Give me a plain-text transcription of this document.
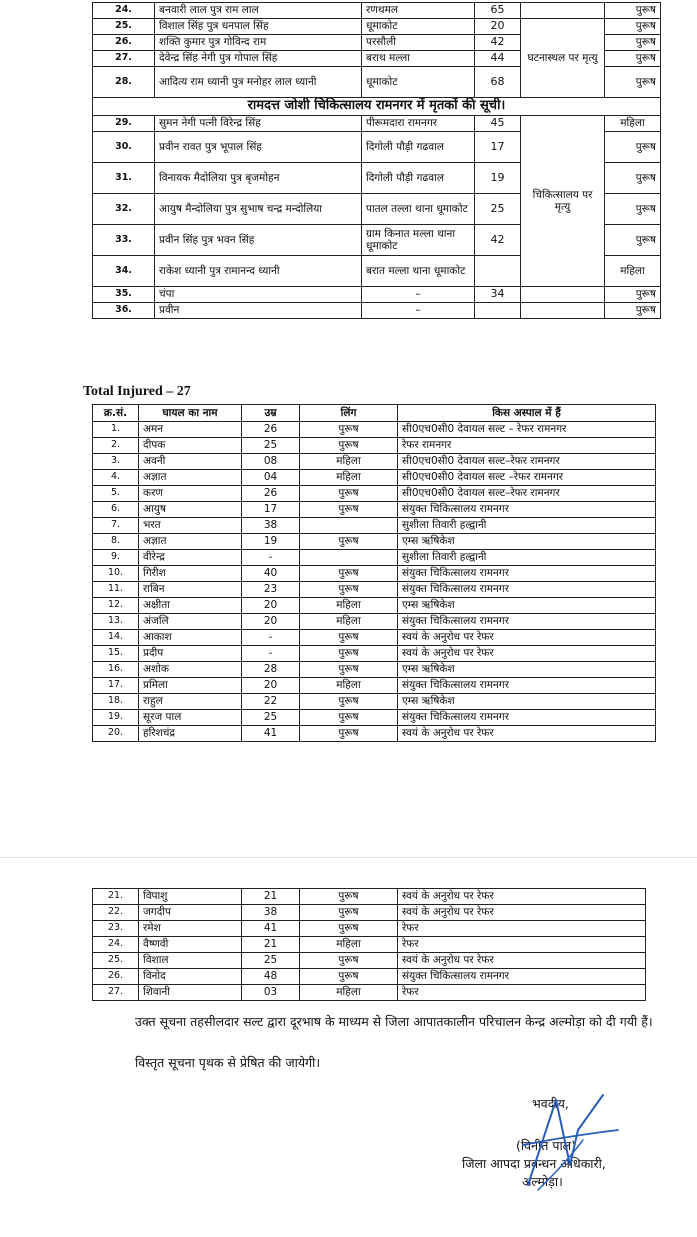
24.	बनवारी लाल पुत्र राम लाल	रणथमल	65		पुरूष
25.	विशाल सिंह पुत्र धनपाल सिंह	धूमाकोट	20	घटनास्थल पर मृत्यु	पुरूष
26.	शक्ति कुमार पुत्र गोविन्द राम	परसौली	42		पुरूष
27.	देवेन्द्र सिंह नेगी पुत्र गोपाल सिंह	बराथ मल्ला	44		पुरूष
28.	आदित्य राम ध्यानी पुत्र मनोहर लाल ध्यानी	धूमाकोट	68		पुरूष
रामदत्त जोशी चिकित्सालय रामनगर में मृतकों की सूची।					
29.	सुमन नेगी पत्नी विरेन्द्र सिंह	पीरूमदारा रामनगर	45	चिकित्सालय पर मृत्यु	महिला
30.	प्रवीन रावत पुत्र भूपाल सिंह	दिगोली पौड़ी गढवाल	17		पुरूष
31.	विनायक मैदोलिया पुत्र बृजमोहन	दिगोली पौड़ी गढवाल	19		पुरूष
32.	आयुष मैन्दोलिया पुत्र सुभाष चन्द्र मन्दोलिया	पातल तल्ला थाना धूमाकोट	25		पुरूष
33.	प्रवीन सिंह पुत्र भवन सिंह	ग्राम किनात मल्ला थाना धूमाकोट	42		पुरूष
34.	राकेश ध्यानी पुत्र रामानन्द ध्यानी	बरात मल्ला थाना धूमाकोट			महिला
35.	चंपा	–	34		पुरूष
36.	प्रवीन	–			पुरूष
Total Injured – 27
क्र.सं.	घायल का नाम	उम्र	लिंग	किस अस्पाल में हैं
1.	अमन	26	पुरूष	सी0एच0सी0 देवायल सल्ट – रेफर रामनगर
2.	दीपक	25	पुरूष	रेफर रामनगर
3.	अवनी	08	महिला	सी0एच0सी0 देवायल सल्ट–रेफर रामनगर
4.	अज्ञात	04	महिला	सी0एच0सी0 देवायल सल्ट –रेफर रामनगर
5.	करण	26	पुरूष	सी0एच0सी0 देवायल सल्ट–रेफर रामनगर
6.	आयुष	17	पुरूष	संयुक्त चिकित्सालय रामनगर
7.	भरत	38		सुशीला तिवारी हल्द्वानी
8.	अज्ञात	19	पुरूष	एम्स ऋषिकेश
9.	वीरेन्द्र	-		सुशीला तिवारी हल्द्वानी
10.	गिरीश	40	पुरूष	संयुक्त चिकित्सालय रामनगर
11.	राबिन	23	पुरूष	संयुक्त चिकित्सालय रामनगर
12.	अक्षीता	20	महिला	एम्स ऋषिकेश
13.	अंजलि	20	महिला	संयुक्त चिकित्सालय रामनगर
14.	आकाश	-	पुरूष	स्वयं के अनुरोध पर रेफर
15.	प्रदीप	-	पुरूष	स्वयं के अनुरोध पर रेफर
16.	अशोक	28	पुरूष	एम्स ऋषिकेश
17.	प्रमिला	20	महिला	संयुक्त चिकित्सालय रामनगर
18.	राहुल	22	पुरूष	एम्स ऋषिकेश
19.	सूरज पाल	25	पुरूष	संयुक्त चिकित्सालय रामनगर
20.	हरिशचंद्र	41	पुरूष	स्वयं के अनुरोध पर रेफर
21.	विपाशु	21	पुरूष	स्वयं के अनुरोध पर रेफर
22.	जगदीप	38	पुरूष	स्वयं के अनुरोध पर रेफर
23.	रमेश	41	पुरूष	रेफर
24.	वैष्णवी	21	महिला	रेफर
25.	विशाल	25	पुरूष	स्वयं के अनुरोध पर रेफर
26.	विनोद	48	पुरूष	संयुक्त चिकित्सालय रामनगर
27.	शिवानी	03	महिला	रेफर

उक्त सूचना तहसीलदार सल्ट द्वारा दूरभाष के माध्यम से जिला आपातकालीन परिचालन केन्द्र अल्मोड़ा को दी गयी हैं।

विस्तृत सूचना पृथक से प्रेषित की जायेगी।

भवदीय,

(विनीत पाल)

जिला आपदा प्रबन्धन अधिकारी,

अल्मोड़ा।
